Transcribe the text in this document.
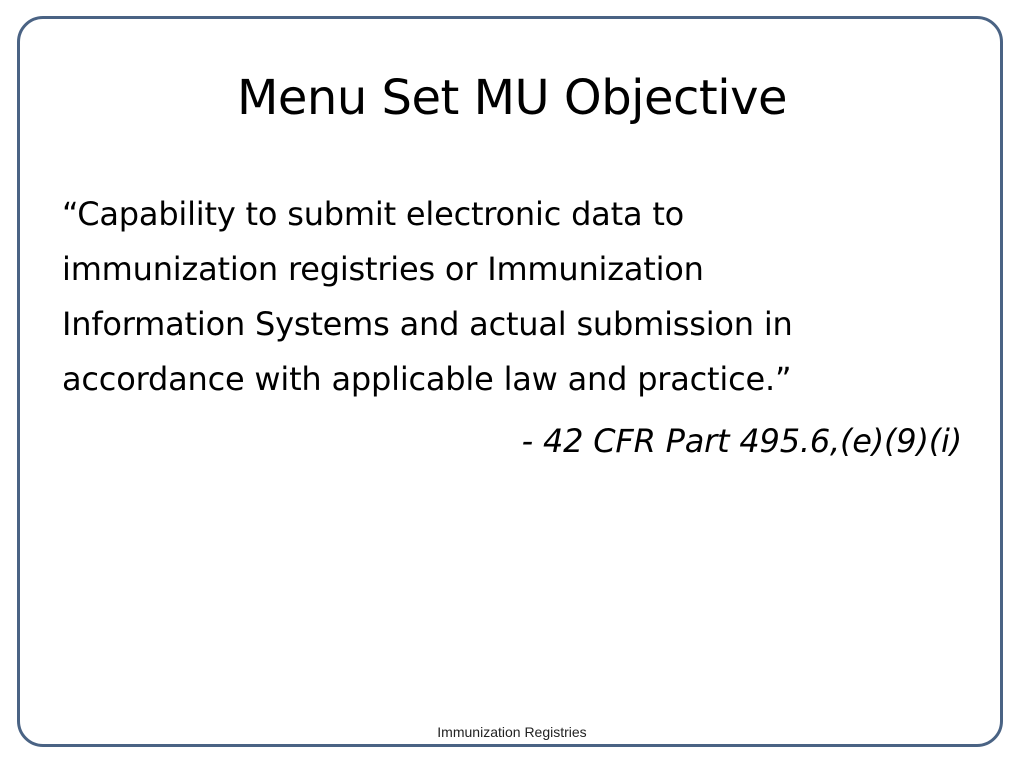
Menu Set MU Objective
“Capability to submit electronic data to
immunization registries or Immunization
Information Systems and actual submission in
accordance with applicable law and practice.”
- 42 CFR Part 495.6,(e)(9)(i)
Immunization Registries
